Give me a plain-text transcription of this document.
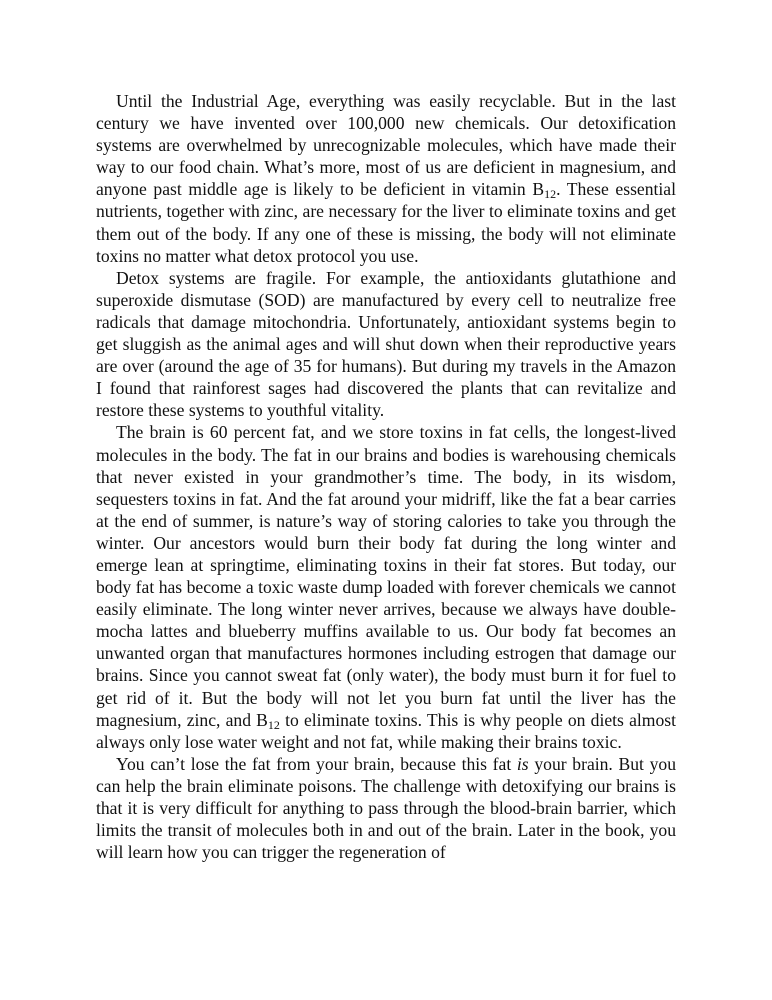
Until the Industrial Age, everything was easily recyclable. But in the last century we have invented over 100,000 new chemicals. Our detoxification systems are overwhelmed by unrecognizable molecules, which have made their way to our food chain. What’s more, most of us are deficient in magnesium, and anyone past middle age is likely to be deficient in vitamin $B_{12}$. These essential nutrients, together with zinc, are necessary for the liver to eliminate toxins and get them out of the body. If any one of these is missing, the body will not eliminate toxins no matter what detox protocol you use.

Detox systems are fragile. For example, the antioxidants glutathione and superoxide dismutase (SOD) are manufactured by every cell to neutralize free radicals that damage mitochondria. Unfortunately, antioxidant systems begin to get sluggish as the animal ages and will shut down when their reproductive years are over (around the age of 35 for humans). But during my travels in the Amazon I found that rainforest sages had discovered the plants that can revitalize and restore these systems to youthful vitality.

The brain is 60 percent fat, and we store toxins in fat cells, the longest-lived molecules in the body. The fat in our brains and bodies is warehousing chemicals that never existed in your grandmother’s time. The body, in its wisdom, sequesters toxins in fat. And the fat around your midriff, like the fat a bear carries at the end of summer, is nature’s way of storing calories to take you through the winter. Our ancestors would burn their body fat during the long winter and emerge lean at springtime, eliminating toxins in their fat stores. But today, our body fat has become a toxic waste dump loaded with forever chemicals we cannot easily eliminate. The long winter never arrives, because we always have double-mocha lattes and blueberry muffins available to us. Our body fat becomes an unwanted organ that manufactures hormones including estrogen that damage our brains. Since you cannot sweat fat (only water), the body must burn it for fuel to get rid of it. But the body will not let you burn fat until the liver has the magnesium, zinc, and $B_{12}$ to eliminate toxins. This is why people on diets almost always only lose water weight and not fat, while making their brains toxic.

You can’t lose the fat from your brain, because this fat is your brain. But you can help the brain eliminate poisons. The challenge with detoxifying our brains is that it is very difficult for anything to pass through the blood-brain barrier, which limits the transit of molecules both in and out of the brain. Later in the book, you will learn how you can trigger the regeneration of
